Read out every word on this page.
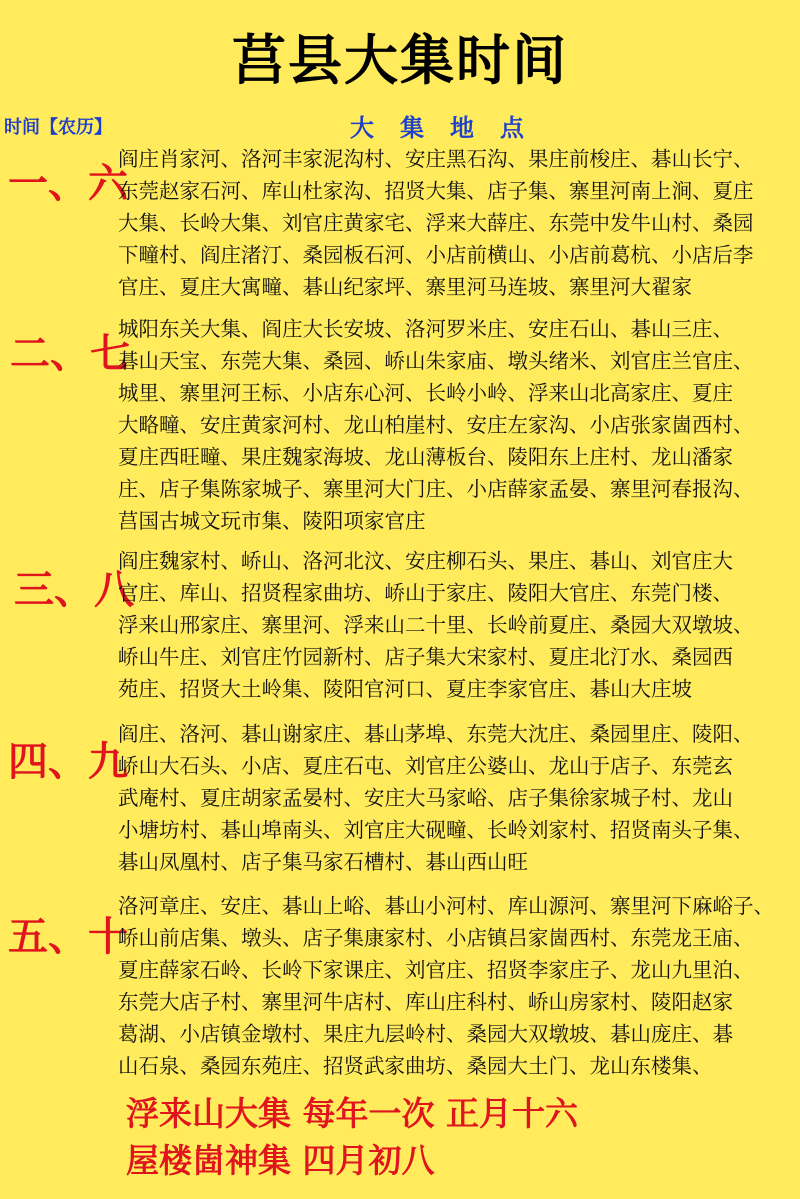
莒县大集时间
时间【农历】	大集地点
一、六
阎庄肖家河、洛河丰家泥沟村、安庄黑石沟、果庄前梭庄、碁山长宁、
东莞赵家石河、库山杜家沟、招贤大集、店子集、寨里河南上涧、夏庄
大集、长岭大集、刘官庄黄家宅、浮来大薛庄、东莞中发牛山村、桑园
下疃村、阎庄渚汀、桑园板石河、小店前横山、小店前葛杭、小店后李
官庄、夏庄大寓疃、碁山纪家坪、寨里河马连坡、寨里河大翟家
二、七
城阳东关大集、阎庄大长安坡、洛河罗米庄、安庄石山、碁山三庄、
碁山天宝、东莞大集、桑园、峤山朱家庙、墩头绪米、刘官庄兰官庄、
城里、寨里河王标、小店东心河、长岭小岭、浮来山北高家庄、夏庄
大略疃、安庄黄家河村、龙山柏崖村、安庄左家沟、小店张家崮西村、
夏庄西旺疃、果庄魏家海坡、龙山薄板台、陵阳东上庄村、龙山潘家
庄、店子集陈家城子、寨里河大门庄、小店薛家孟晏、寨里河春报沟、
莒国古城文玩市集、陵阳项家官庄
三、八
阎庄魏家村、峤山、洛河北汶、安庄柳石头、果庄、碁山、刘官庄大
官庄、库山、招贤程家曲坊、峤山于家庄、陵阳大官庄、东莞门楼、
浮来山邢家庄、寨里河、浮来山二十里、长岭前夏庄、桑园大双墩坡、
峤山牛庄、刘官庄竹园新村、店子集大宋家村、夏庄北汀水、桑园西
苑庄、招贤大土岭集、陵阳官河口、夏庄李家官庄、碁山大庄坡
四、九
阎庄、洛河、碁山谢家庄、碁山茅埠、东莞大沈庄、桑园里庄、陵阳、
峤山大石头、小店、夏庄石屯、刘官庄公婆山、龙山于店子、东莞玄
武庵村、夏庄胡家孟晏村、安庄大马家峪、店子集徐家城子村、龙山
小塘坊村、碁山埠南头、刘官庄大砚疃、长岭刘家村、招贤南头子集、
碁山凤凰村、店子集马家石槽村、碁山西山旺
五、十
洛河章庄、安庄、碁山上峪、碁山小河村、库山源河、寨里河下麻峪子、
峤山前店集、墩头、店子集康家村、小店镇吕家崮西村、东莞龙王庙、
夏庄薛家石岭、长岭下家课庄、刘官庄、招贤李家庄子、龙山九里泊、
东莞大店子村、寨里河牛店村、库山庄科村、峤山房家村、陵阳赵家
葛湖、小店镇金墩村、果庄九层岭村、桑园大双墩坡、碁山庞庄、碁
山石泉、桑园东苑庄、招贤武家曲坊、桑园大土门、龙山东楼集、
浮来山大集 每年一次 正月十六
屋楼崮神集 四月初八
